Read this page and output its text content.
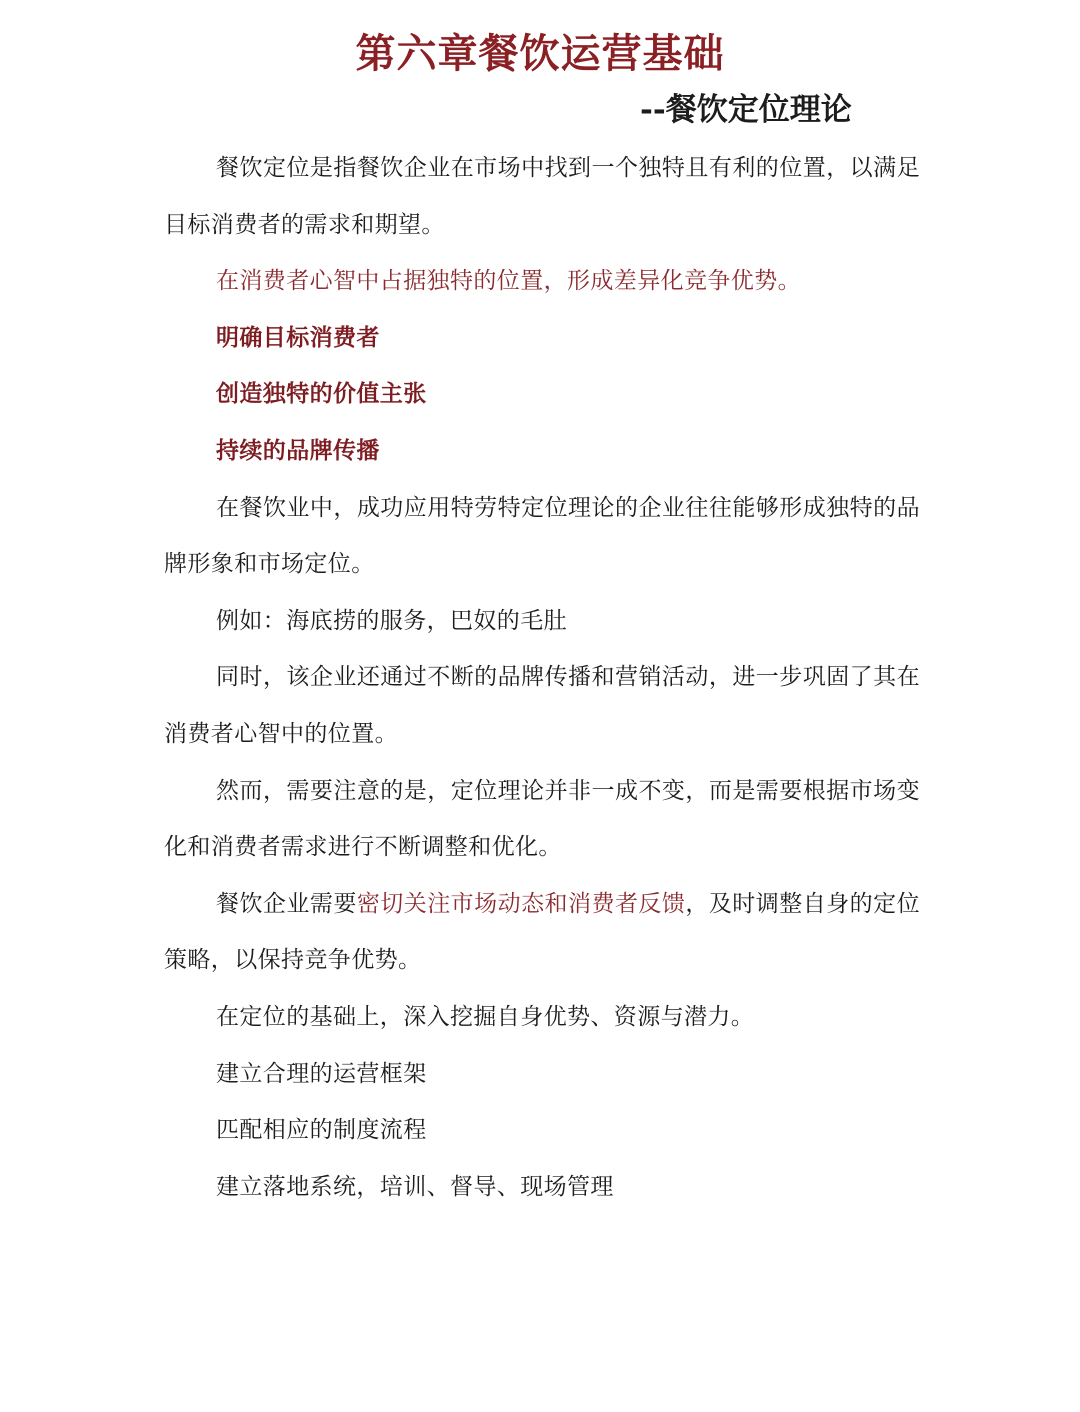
第六章餐饮运营基础
--餐饮定位理论

餐饮定位是指餐饮企业在市场中找到一个独特且有利的位置，以满足目标消费者的需求和期望。

在消费者心智中占据独特的位置，形成差异化竞争优势。

明确目标消费者

创造独特的价值主张

持续的品牌传播

在餐饮业中，成功应用特劳特定位理论的企业往往能够形成独特的品牌形象和市场定位。

例如：海底捞的服务，巴奴的毛肚

同时，该企业还通过不断的品牌传播和营销活动，进一步巩固了其在消费者心智中的位置。

然而，需要注意的是，定位理论并非一成不变，而是需要根据市场变化和消费者需求进行不断调整和优化。

餐饮企业需要密切关注市场动态和消费者反馈，及时调整自身的定位策略，以保持竞争优势。

在定位的基础上，深入挖掘自身优势、资源与潜力。

建立合理的运营框架

匹配相应的制度流程

建立落地系统，培训、督导、现场管理
